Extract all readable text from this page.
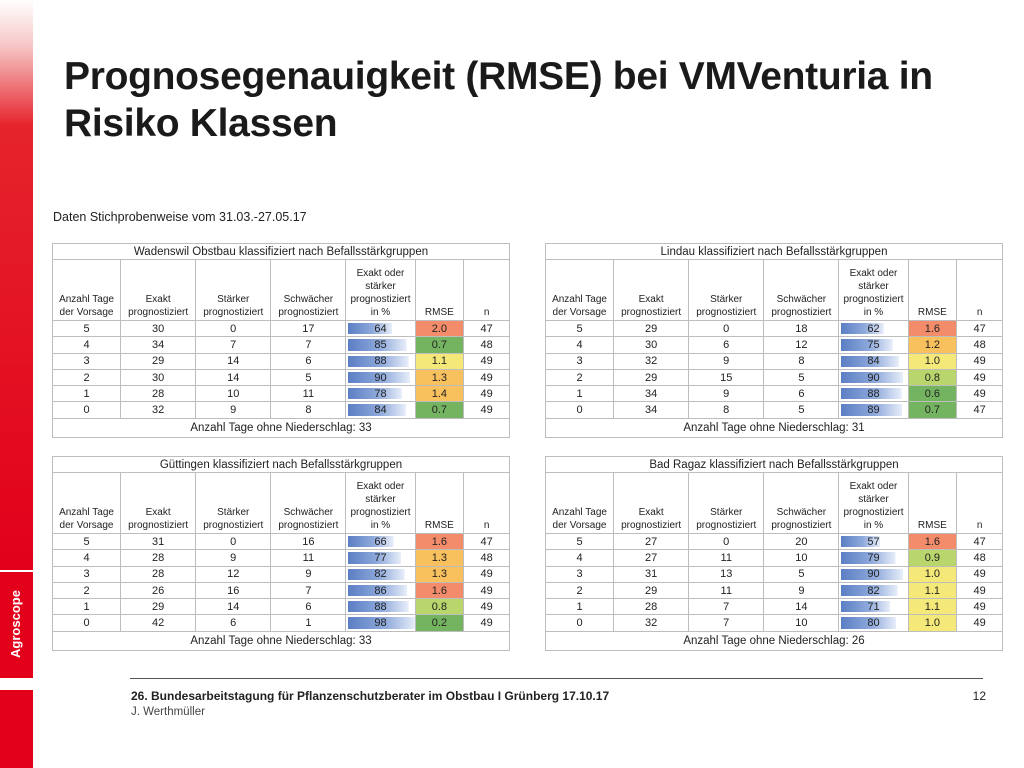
Agroscope
Prognosegenauigkeit (RMSE) bei VMVenturia in Risiko Klassen
Daten Stichprobenweise vom 31.03.-27.05.17
Wadenswil Obstbau klassifiziert nach Befallsstärkgruppen						
Anzahl Tage der Vorsage	Exakt prognostiziert	Stärker prognostiziert	Schwächer prognostiziert	Exakt oder stärker prognostiziert in %	RMSE	n
5	30	0	17	64	2.0	47
4	34	7	7	85	0.7	48
3	29	14	6	88	1.1	49
2	30	14	5	90	1.3	49
1	28	10	11	78	1.4	49
0	32	9	8	84	0.7	49
Anzahl Tage ohne Niederschlag: 33						
Lindau klassifiziert nach Befallsstärkgruppen						
Anzahl Tage der Vorsage	Exakt prognostiziert	Stärker prognostiziert	Schwächer prognostiziert	Exakt oder stärker prognostiziert in %	RMSE	n
5	29	0	18	62	1.6	47
4	30	6	12	75	1.2	48
3	32	9	8	84	1.0	49
2	29	15	5	90	0.8	49
1	34	9	6	88	0.6	49
0	34	8	5	89	0.7	47
Anzahl Tage ohne Niederschlag: 31						
Güttingen klassifiziert nach Befallsstärkgruppen						
Anzahl Tage der Vorsage	Exakt prognostiziert	Stärker prognostiziert	Schwächer prognostiziert	Exakt oder stärker prognostiziert in %	RMSE	n
5	31	0	16	66	1.6	47
4	28	9	11	77	1.3	48
3	28	12	9	82	1.3	49
2	26	16	7	86	1.6	49
1	29	14	6	88	0.8	49
0	42	6	1	98	0.2	49
Anzahl Tage ohne Niederschlag: 33						
Bad Ragaz klassifiziert nach Befallsstärkgruppen						
Anzahl Tage der Vorsage	Exakt prognostiziert	Stärker prognostiziert	Schwächer prognostiziert	Exakt oder stärker prognostiziert in %	RMSE	n
5	27	0	20	57	1.6	47
4	27	11	10	79	0.9	48
3	31	13	5	90	1.0	49
2	29	11	9	82	1.1	49
1	28	7	14	71	1.1	49
0	32	7	10	80	1.0	49
Anzahl Tage ohne Niederschlag: 26						
26. Bundesarbeitstagung für Pflanzenschutzberater im Obstbau I Grünberg 17.10.17
J. Werthmüller
12
